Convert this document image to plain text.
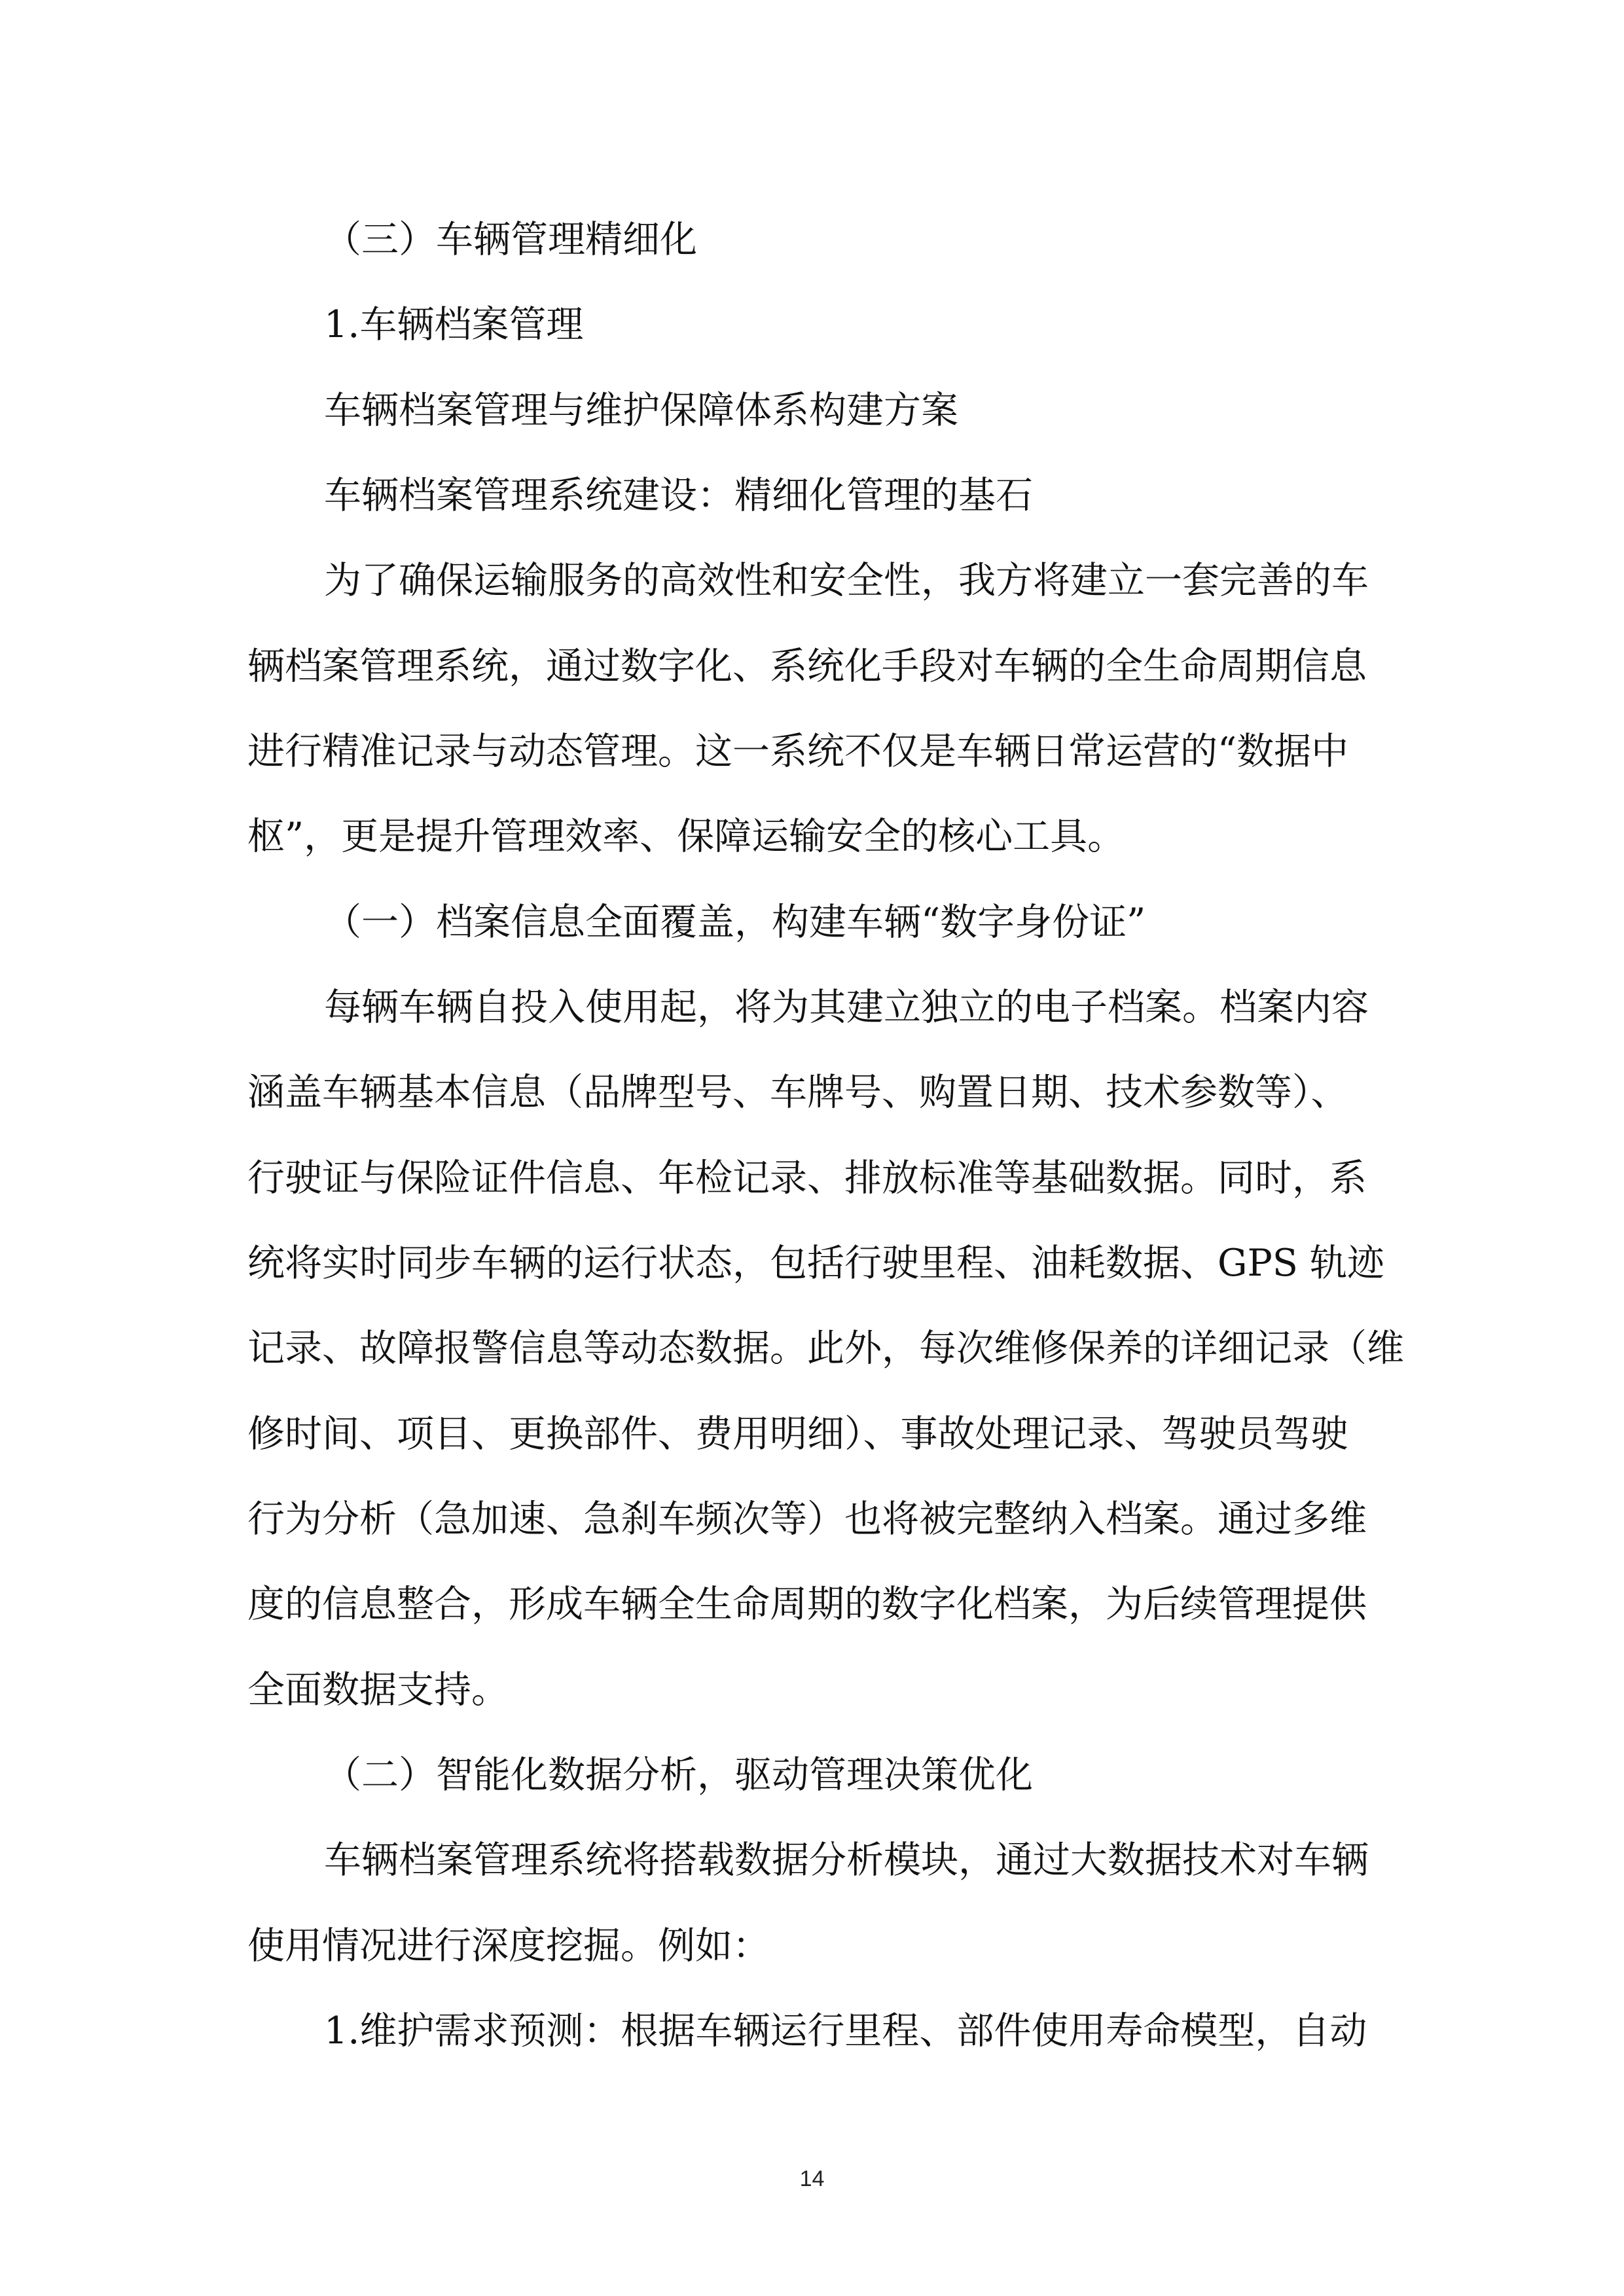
（三）车辆管理精细化
1.车辆档案管理
车辆档案管理与维护保障体系构建方案
车辆档案管理系统建设：精细化管理的基石
为了确保运输服务的高效性和安全性，我方将建立一套完善的车
辆档案管理系统，通过数字化、系统化手段对车辆的全生命周期信息
进行精准记录与动态管理。这一系统不仅是车辆日常运营的“数据中
枢”，更是提升管理效率、保障运输安全的核心工具。
（一）档案信息全面覆盖，构建车辆“数字身份证”
每辆车辆自投入使用起，将为其建立独立的电子档案。档案内容
涵盖车辆基本信息（品牌型号、车牌号、购置日期、技术参数等）、
行驶证与保险证件信息、年检记录、排放标准等基础数据。同时，系
统将实时同步车辆的运行状态，包括行驶里程、油耗数据、GPS 轨迹
记录、故障报警信息等动态数据。此外，每次维修保养的详细记录（维
修时间、项目、更换部件、费用明细）、事故处理记录、驾驶员驾驶
行为分析（急加速、急刹车频次等）也将被完整纳入档案。通过多维
度的信息整合，形成车辆全生命周期的数字化档案，为后续管理提供
全面数据支持。
（二）智能化数据分析，驱动管理决策优化
车辆档案管理系统将搭载数据分析模块，通过大数据技术对车辆
使用情况进行深度挖掘。例如：
1.维护需求预测：根据车辆运行里程、部件使用寿命模型，自动
14
